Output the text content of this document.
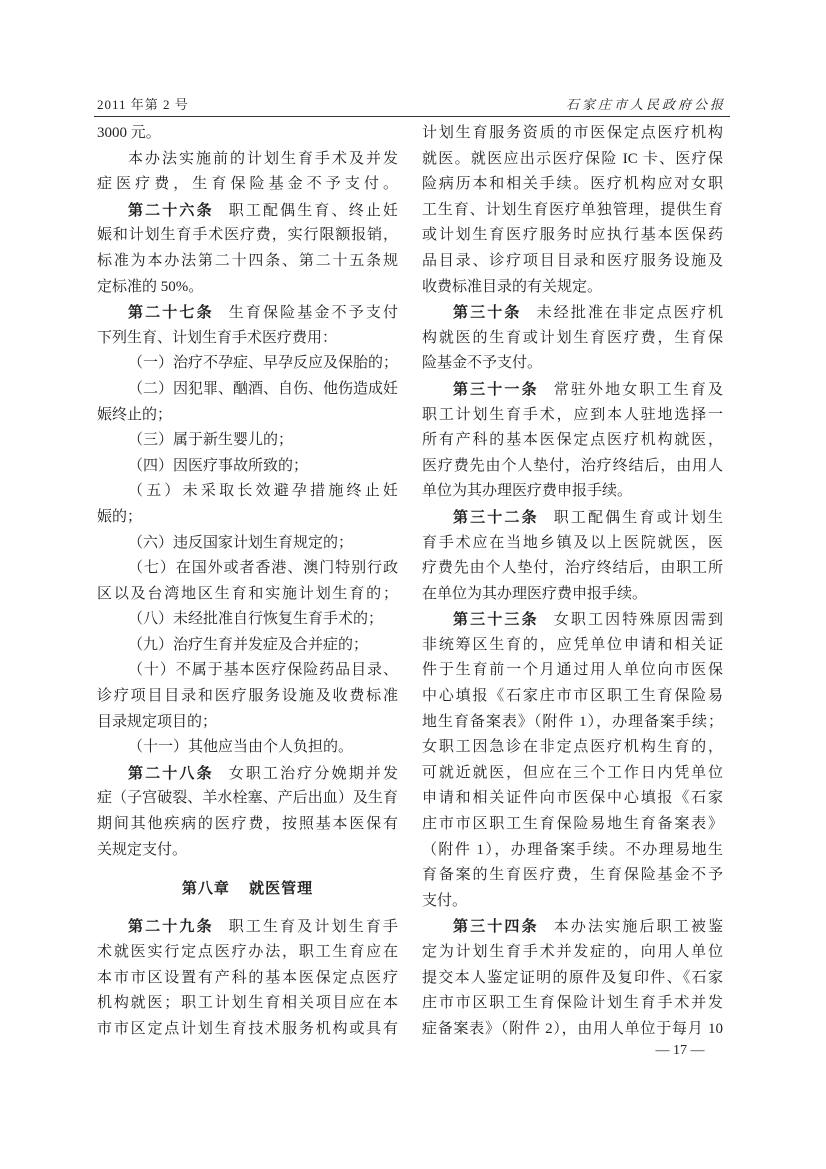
2011 年第 2 号	石家庄市人民政府公报
3000 元。
本办法实施前的计划生育手术及并发
症医疗费，生育保险基金不予支付。
第二十六条 职工配偶生育、终止妊
娠和计划生育手术医疗费，实行限额报销，
标准为本办法第二十四条、第二十五条规
定标准的 50%。
第二十七条 生育保险基金不予支付
下列生育、计划生育手术医疗费用：
（一）治疗不孕症、早孕反应及保胎的；
（二）因犯罪、酗酒、自伤、他伤造成妊
娠终止的；
（三）属于新生婴儿的；
（四）因医疗事故所致的；
（五）未采取长效避孕措施终止妊
娠的；
（六）违反国家计划生育规定的；
（七）在国外或者香港、澳门特别行政
区以及台湾地区生育和实施计划生育的；
（八）未经批准自行恢复生育手术的；
（九）治疗生育并发症及合并症的；
（十）不属于基本医疗保险药品目录、
诊疗项目目录和医疗服务设施及收费标准
目录规定项目的；
（十一）其他应当由个人负担的。
第二十八条 女职工治疗分娩期并发
症（子宫破裂、羊水栓塞、产后出血）及生育
期间其他疾病的医疗费，按照基本医保有
关规定支付。
第八章 就医管理
第二十九条 职工生育及计划生育手
术就医实行定点医疗办法，职工生育应在
本市市区设置有产科的基本医保定点医疗
机构就医；职工计划生育相关项目应在本
市市区定点计划生育技术服务机构或具有
计划生育服务资质的市医保定点医疗机构
就医。就医应出示医疗保险 IC 卡、医疗保
险病历本和相关手续。医疗机构应对女职
工生育、计划生育医疗单独管理，提供生育
或计划生育医疗服务时应执行基本医保药
品目录、诊疗项目目录和医疗服务设施及
收费标准目录的有关规定。
第三十条 未经批准在非定点医疗机
构就医的生育或计划生育医疗费，生育保
险基金不予支付。
第三十一条 常驻外地女职工生育及
职工计划生育手术，应到本人驻地选择一
所有产科的基本医保定点医疗机构就医，
医疗费先由个人垫付，治疗终结后，由用人
单位为其办理医疗费申报手续。
第三十二条 职工配偶生育或计划生
育手术应在当地乡镇及以上医院就医，医
疗费先由个人垫付，治疗终结后，由职工所
在单位为其办理医疗费申报手续。
第三十三条 女职工因特殊原因需到
非统筹区生育的，应凭单位申请和相关证
件于生育前一个月通过用人单位向市医保
中心填报《石家庄市市区职工生育保险易
地生育备案表》（附件 1），办理备案手续；
女职工因急诊在非定点医疗机构生育的，
可就近就医，但应在三个工作日内凭单位
申请和相关证件向市医保中心填报《石家
庄市市区职工生育保险易地生育备案表》
（附件 1），办理备案手续。不办理易地生
育备案的生育医疗费，生育保险基金不予
支付。
第三十四条 本办法实施后职工被鉴
定为计划生育手术并发症的，向用人单位
提交本人鉴定证明的原件及复印件、《石家
庄市市区职工生育保险计划生育手术并发
症备案表》（附件 2），由用人单位于每月 10
— 17 —
